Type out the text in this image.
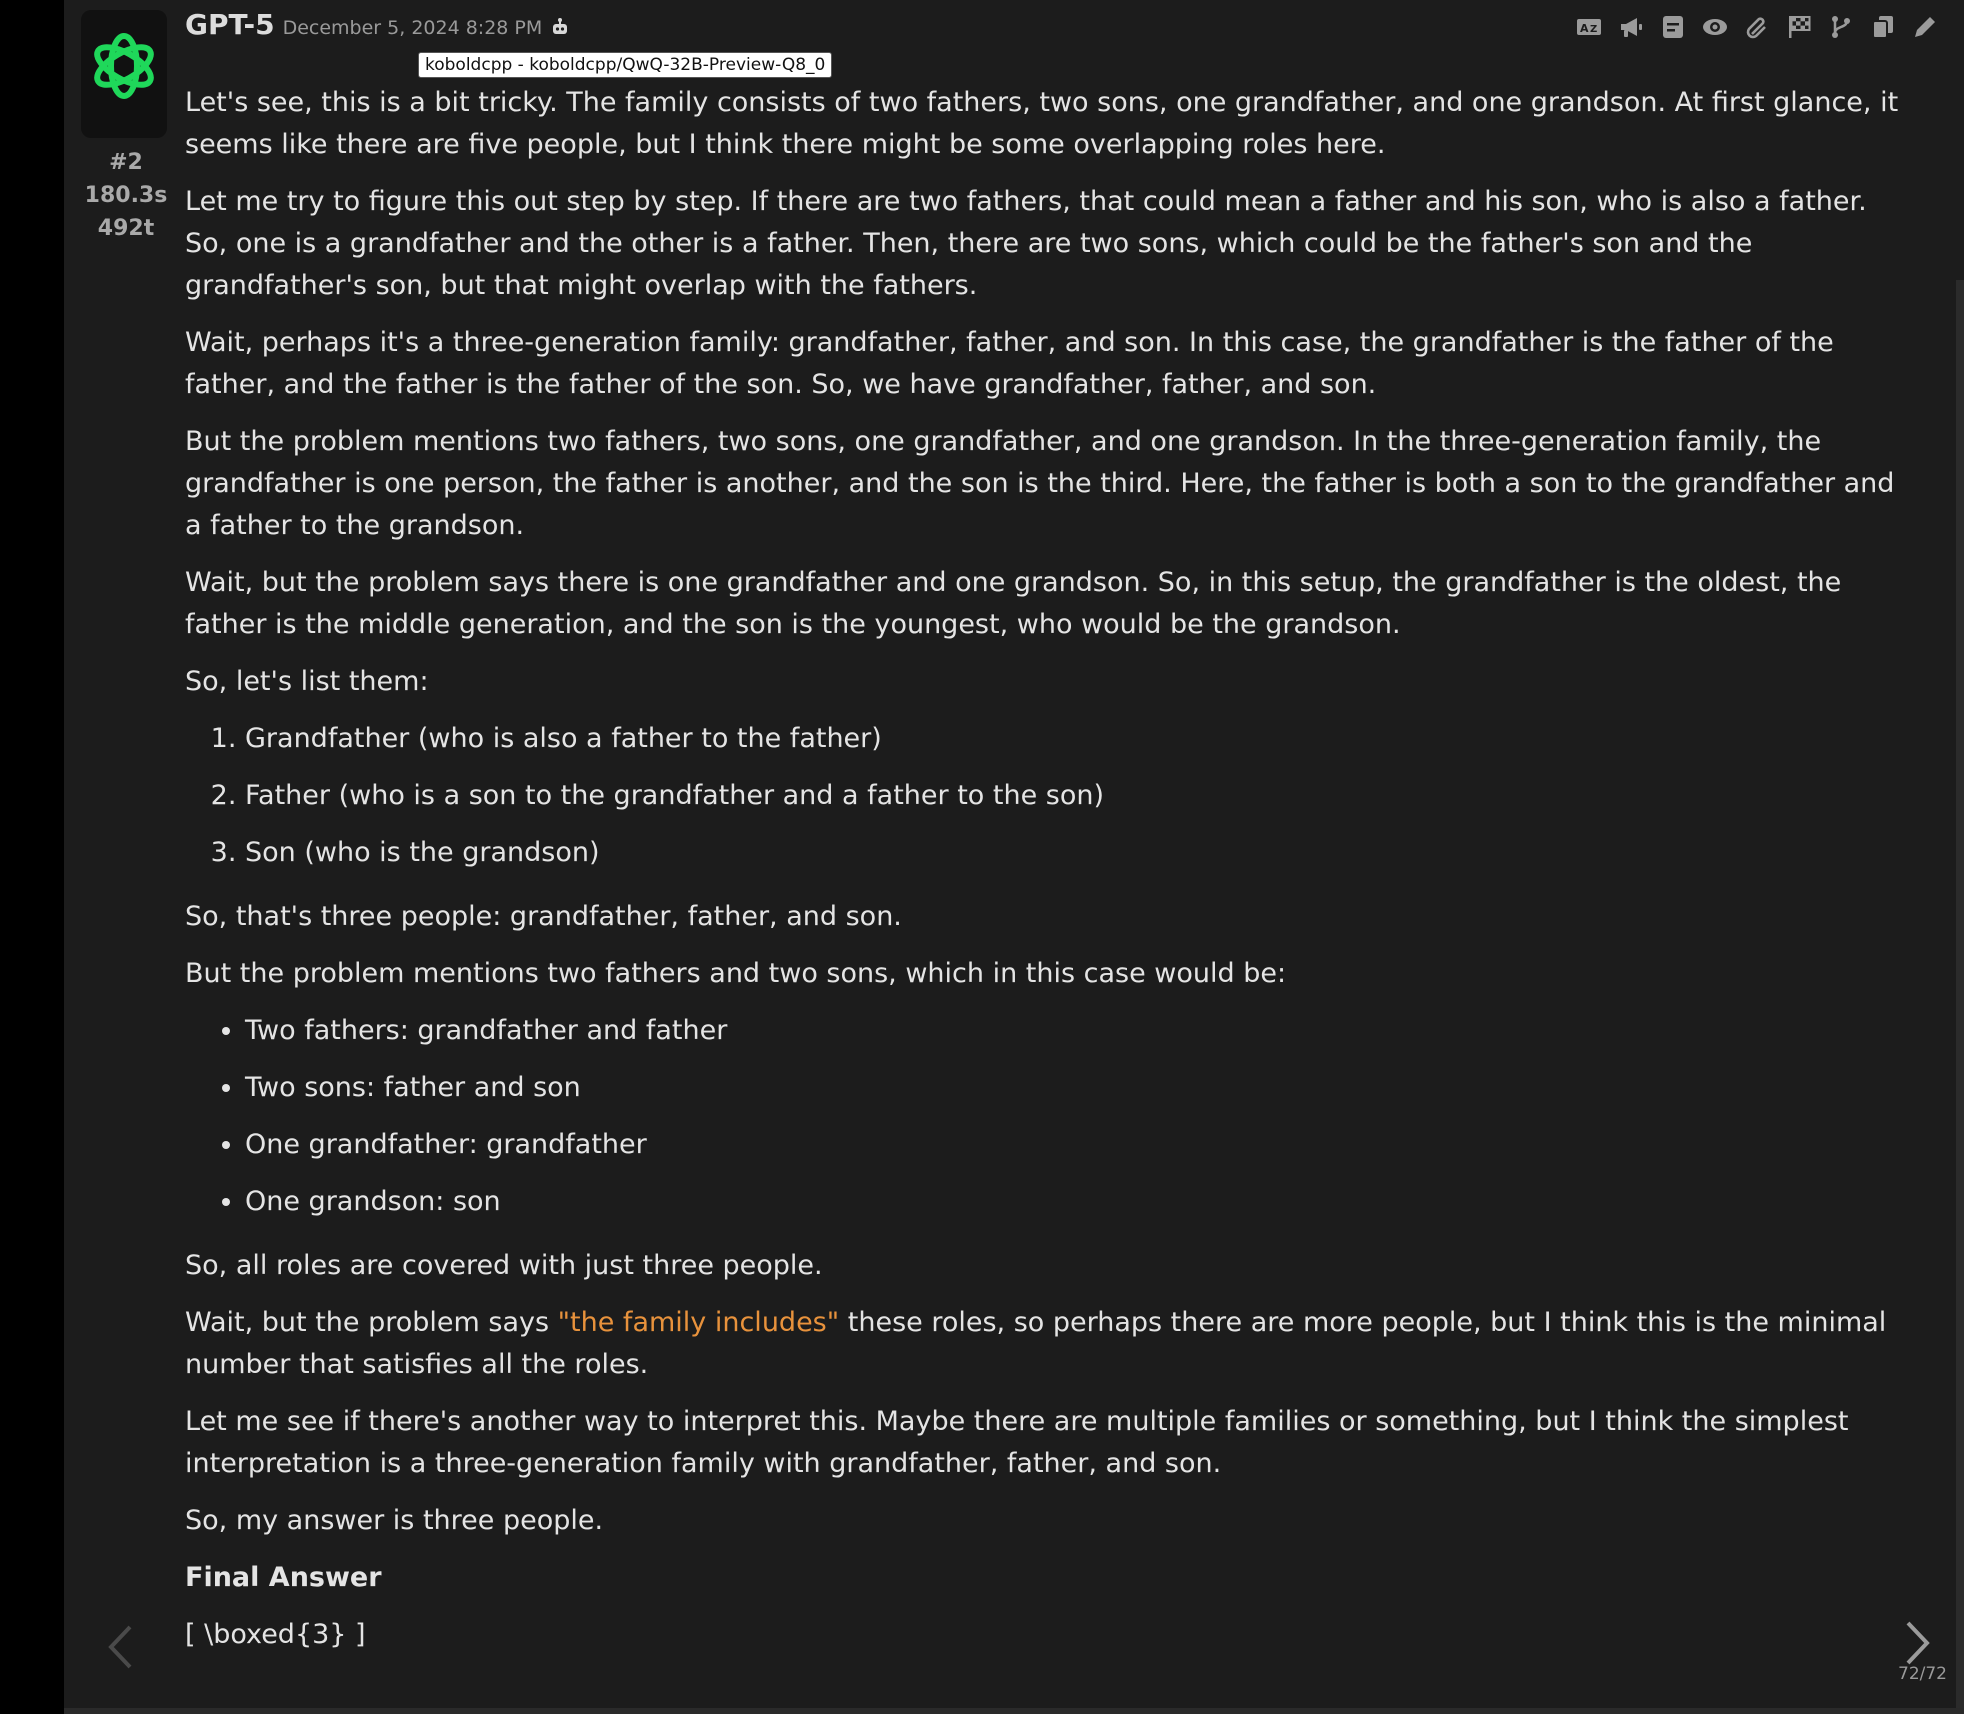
#2
180.3s
492t
GPT-5 December 5, 2024 8:28 PM
koboldcpp - koboldcpp/QwQ-32B-Preview-Q8_0
A Z

Let's see, this is a bit tricky. The family consists of two fathers, two sons, one grandfather, and one grandson. At first glance, it seems like there are five people, but I think there might be some overlapping roles here.

Let me try to figure this out step by step. If there are two fathers, that could mean a father and his son, who is also a father. So, one is a grandfather and the other is a father. Then, there are two sons, which could be the father's son and the grandfather's son, but that might overlap with the fathers.

Wait, perhaps it's a three-generation family: grandfather, father, and son. In this case, the grandfather is the father of the father, and the father is the father of the son. So, we have grandfather, father, and son.

But the problem mentions two fathers, two sons, one grandfather, and one grandson. In the three-generation family, the grandfather is one person, the father is another, and the son is the third. Here, the father is both a son to the grandfather and a father to the grandson.

Wait, but the problem says there is one grandfather and one grandson. So, in this setup, the grandfather is the oldest, the father is the middle generation, and the son is the youngest, who would be the grandson.

So, let's list them:

1. Grandfather (who is also a father to the father)
2. Father (who is a son to the grandfather and a father to the son)
3. Son (who is the grandson)

So, that's three people: grandfather, father, and son.

But the problem mentions two fathers and two sons, which in this case would be:

• Two fathers: grandfather and father
• Two sons: father and son
• One grandfather: grandfather
• One grandson: son

So, all roles are covered with just three people.

Wait, but the problem says "the family includes" these roles, so perhaps there are more people, but I think this is the minimal number that satisfies all the roles.

Let me see if there's another way to interpret this. Maybe there are multiple families or something, but I think the simplest interpretation is a three-generation family with grandfather, father, and son.

So, my answer is three people.

Final Answer

[ \boxed{3} ]

72/72
